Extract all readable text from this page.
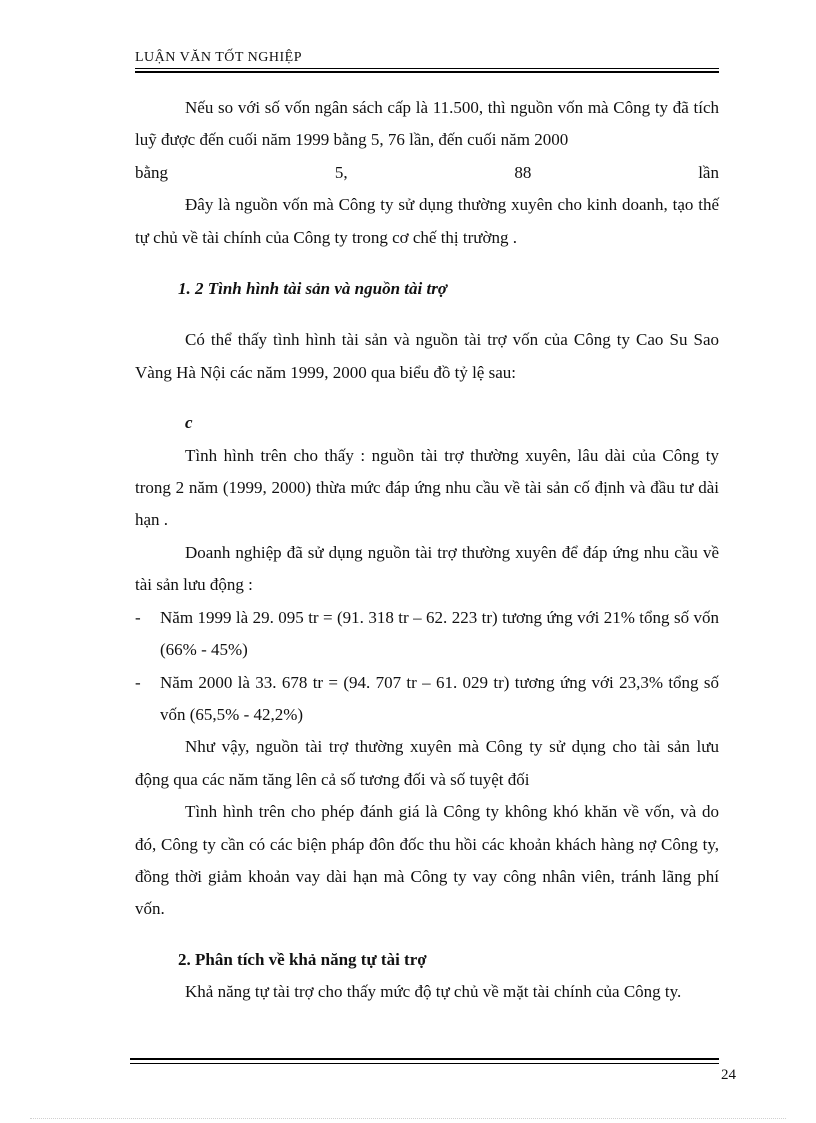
LUẬN VĂN TỐT NGHIỆP

Nếu so với số vốn ngân sách cấp là 11.500, thì nguồn vốn mà Công ty đã tích luỹ được đến cuối năm 1999 bằng 5, 76 lần, đến cuối năm 2000

bằng	5,	88	lần

Đây là nguồn vốn mà Công ty sử dụng thường xuyên cho kinh doanh, tạo thế tự chủ về tài chính của Công ty trong cơ chế thị trường .

1. 2 Tình hình tài sản và nguồn tài trợ

Có thể thấy tình hình tài sản và nguồn tài trợ vốn của Công ty Cao Su Sao Vàng Hà Nội các năm 1999, 2000 qua biểu đồ tỷ lệ sau:

c

Tình hình trên cho thấy : nguồn tài trợ thường xuyên, lâu dài của Công ty trong 2 năm (1999, 2000) thừa mức đáp ứng nhu cầu về tài sản cố định và đầu tư dài hạn .

Doanh nghiệp đã sử dụng nguồn tài trợ thường xuyên để đáp ứng nhu cầu về tài sản lưu động :

- Năm 1999 là 29. 095 tr = (91. 318 tr – 62. 223 tr) tương ứng với 21% tổng số vốn (66% - 45%)
- Năm 2000 là 33. 678 tr = (94. 707 tr – 61. 029 tr) tương ứng với 23,3% tổng số vốn (65,5% - 42,2%)

Như vậy, nguồn tài trợ thường xuyên mà Công ty sử dụng cho tài sản lưu động qua các năm tăng lên cả số tương đối và số tuyệt đối

Tình hình trên cho phép đánh giá là Công ty không khó khăn về vốn, và do đó, Công ty cần có các biện pháp đôn đốc thu hồi các khoản khách hàng nợ Công ty, đồng thời giảm khoản vay dài hạn mà Công ty vay công nhân viên, tránh lãng phí vốn.

2. Phân tích về khả năng tự tài trợ

Khả năng tự tài trợ cho thấy mức độ tự chủ về mặt tài chính của Công ty.

24
